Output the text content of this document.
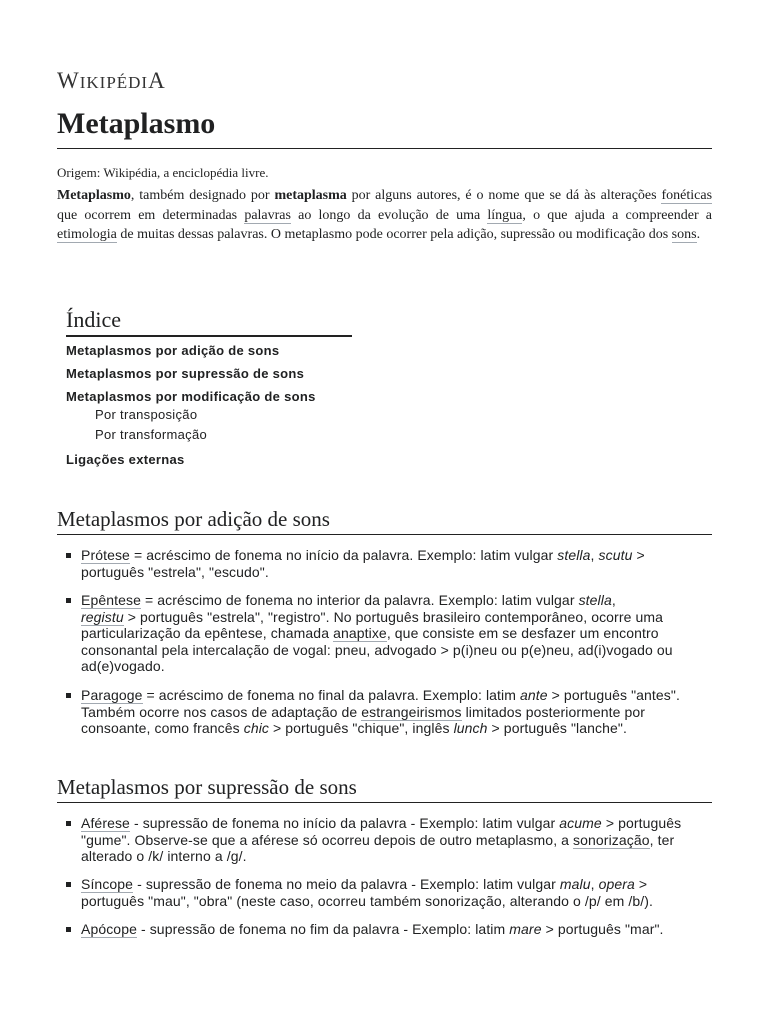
WIKIPÉDIA
Metaplasmo
Origem: Wikipédia, a enciclopédia livre.

Metaplasmo, também designado por metaplasma por alguns autores, é o nome que se dá às alterações fonéticas que ocorrem em determinadas palavras ao longo da evolução de uma língua, o que ajuda a compreender a etimologia de muitas dessas palavras. O metaplasmo pode ocorrer pela adição, supressão ou modificação dos sons.

Índice
Metaplasmos por adição de sons
Metaplasmos por supressão de sons
Metaplasmos por modificação de sons
Por transposição
Por transformação
Ligações externas
Metaplasmos por adição de sons
Prótese = acréscimo de fonema no início da palavra. Exemplo: latim vulgar stella, scutu >
português "estrela", "escudo".
Epêntese = acréscimo de fonema no interior da palavra. Exemplo: latim vulgar stella,
registu > português "estrela", "registro". No português brasileiro contemporâneo, ocorre uma particularização da epêntese, chamada anaptixe, que consiste em se desfazer um encontro consonantal pela intercalação de vogal: pneu, advogado > p(i)neu ou p(e)neu, ad(i)vogado ou ad(e)vogado.
Paragoge = acréscimo de fonema no final da palavra. Exemplo: latim ante > português "antes". Também ocorre nos casos de adaptação de estrangeirismos limitados posteriormente por consoante, como francês chic > português "chique", inglês lunch > português "lanche".
Metaplasmos por supressão de sons
Aférese - supressão de fonema no início da palavra - Exemplo: latim vulgar acume > português "gume". Observe-se que a aférese só ocorreu depois de outro metaplasmo, a sonorização, ter alterado o /k/ interno a /g/.
Síncope - supressão de fonema no meio da palavra - Exemplo: latim vulgar malu, opera > português "mau", "obra" (neste caso, ocorreu também sonorização, alterando o /p/ em /b/).
Apócope - supressão de fonema no fim da palavra - Exemplo: latim mare > português "mar".
